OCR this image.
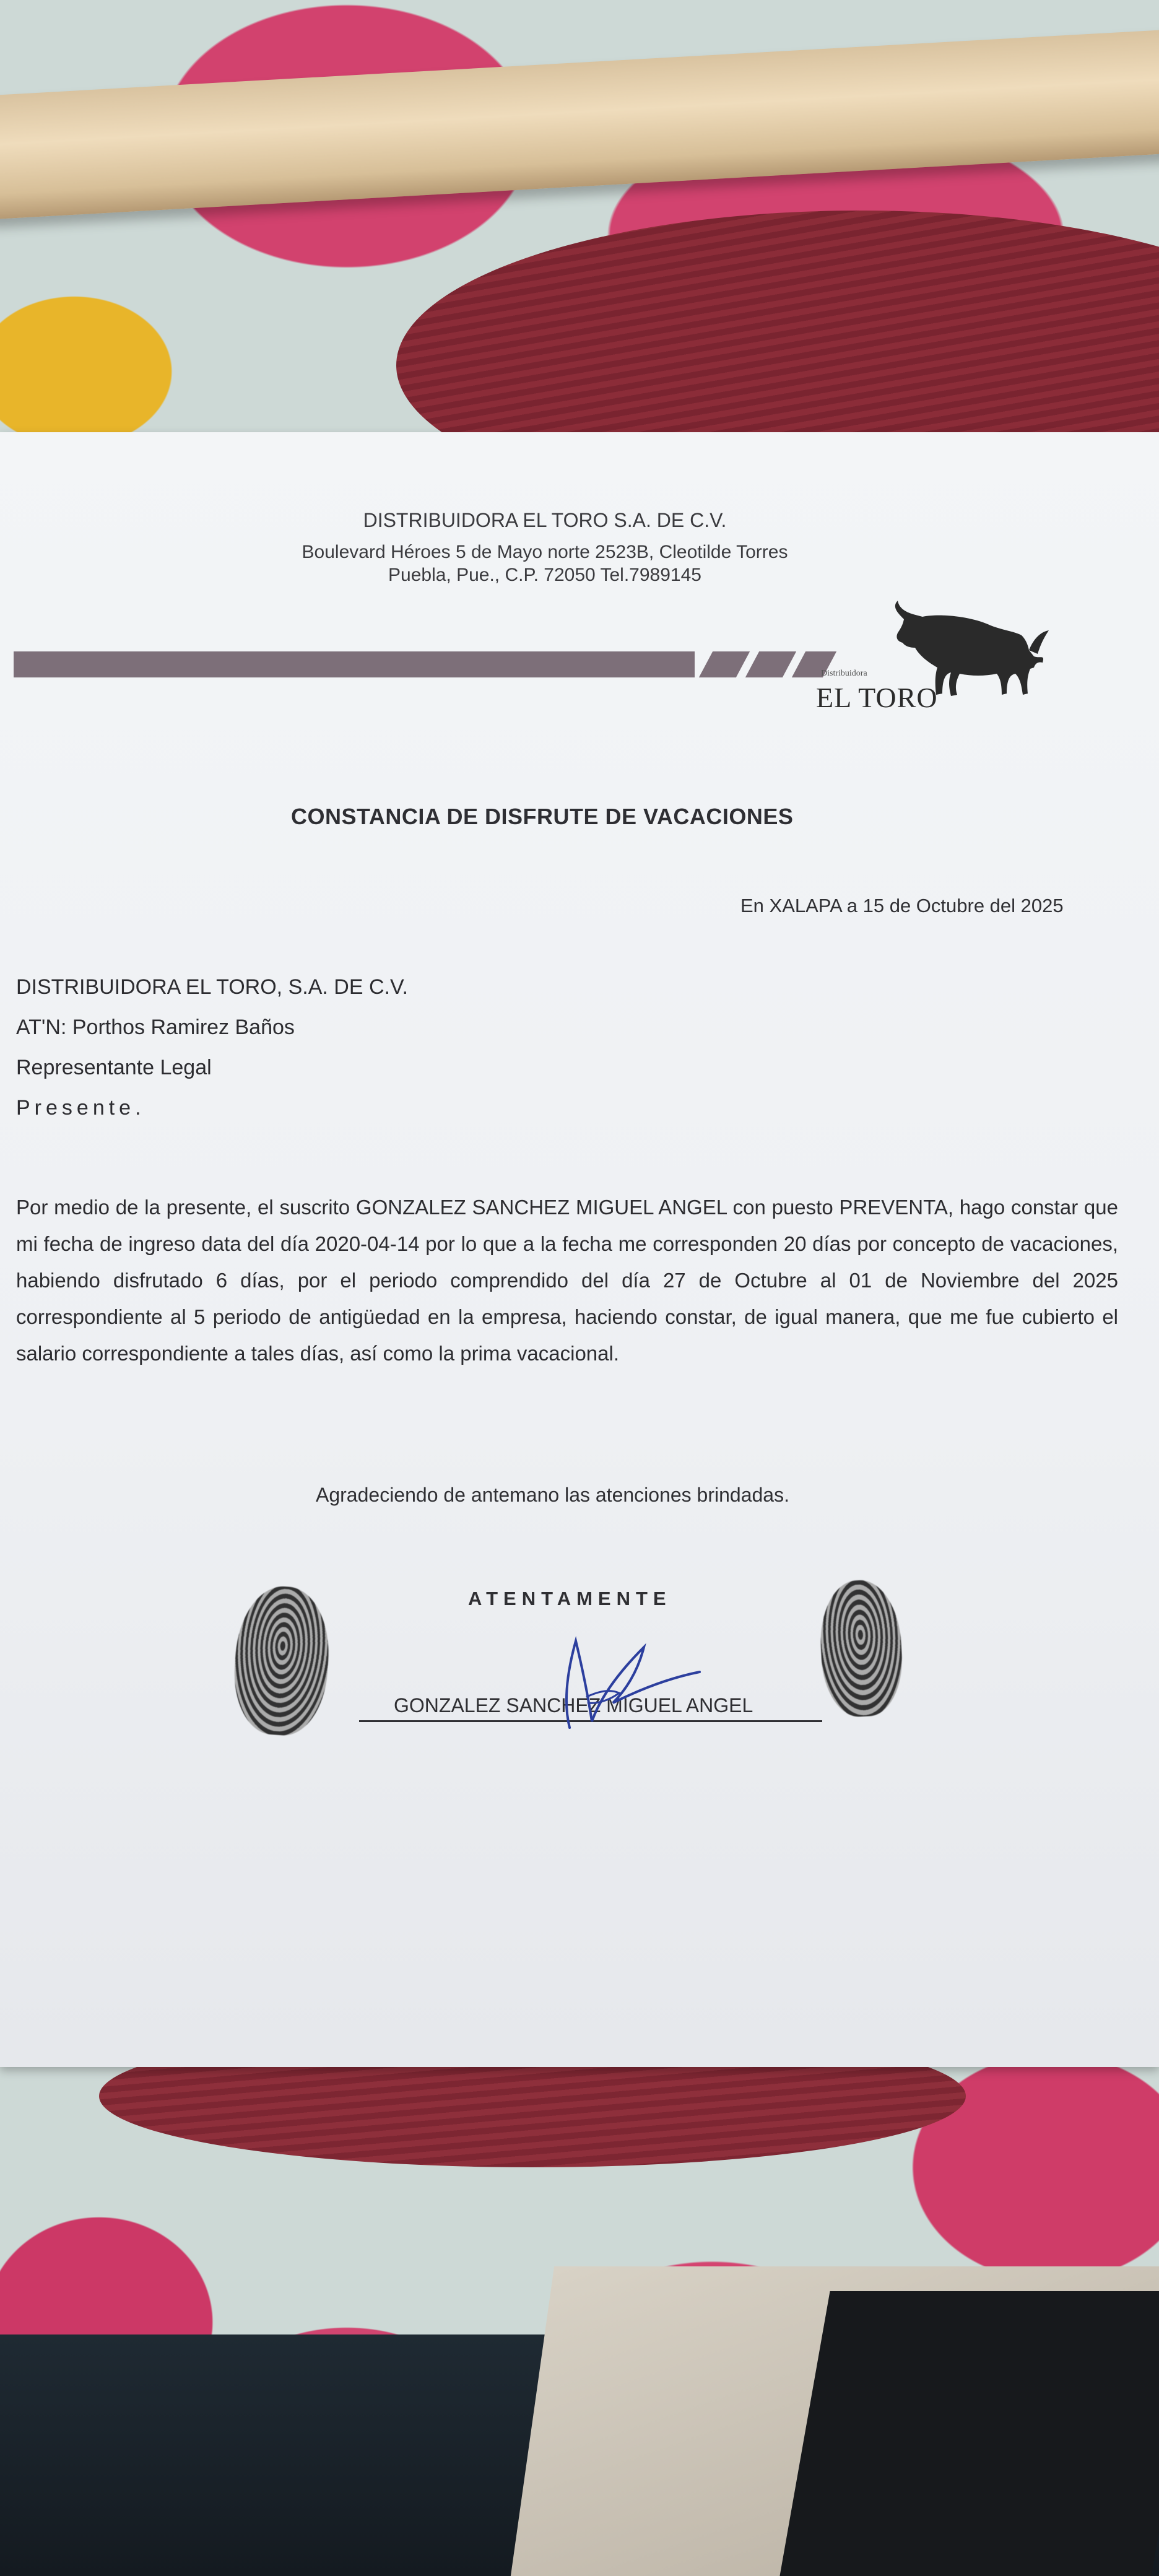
DISTRIBUIDORA EL TORO S.A. DE C.V.
Boulevard Héroes 5 de Mayo norte 2523B, Cleotilde Torres
Puebla, Pue., C.P. 72050 Tel.7989145
Distribuidora
EL TORO
CONSTANCIA DE DISFRUTE DE VACACIONES
En XALAPA a 15 de Octubre del 2025
DISTRIBUIDORA EL TORO, S.A. DE C.V.
AT'N: Porthos Ramirez Baños
Representante Legal
Presente.
Por medio de la presente, el suscrito GONZALEZ SANCHEZ MIGUEL ANGEL con puesto PREVENTA, hago constar que mi fecha de ingreso data del día 2020-04-14 por lo que a la fecha me corresponden 20 días por concepto de vacaciones, habiendo disfrutado 6 días, por el periodo comprendido del día 27 de Octubre al 01 de Noviembre del 2025 correspondiente al 5 periodo de antigüedad en la empresa, haciendo constar, de igual manera, que me fue cubierto el salario correspondiente a tales días, así como la prima vacacional.
Agradeciendo de antemano las atenciones brindadas.
ATENTAMENTE
GONZALEZ SANCHEZ MIGUEL ANGEL
